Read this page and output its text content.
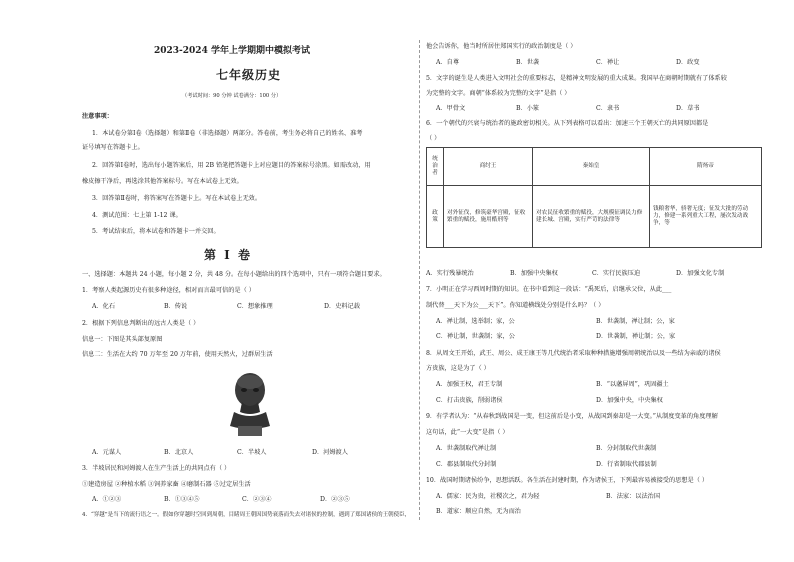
2023-2024 学年上学期期中模拟考试
七年级历史
（考试时间：90 分钟 试卷满分：100 分）
注意事项：
1．本试卷分第Ⅰ卷（选择题）和第Ⅱ卷（非选择题）两部分。答卷前，考生务必将自己的姓名、准考
证号填写在答题卡上。
2．回答第Ⅰ卷时，选出每小题答案后，用 2B 铅笔把答题卡上对应题目的答案标号涂黑。如需改动，用
橡皮擦干净后，再选涂其他答案标号。写在本试卷上无效。
3．回答第Ⅱ卷时，将答案写在答题卡上。写在本试卷上无效。
4．测试范围：七上第 1-12 课。
5．考试结束后，将本试卷和答题卡一并交回。
第 Ⅰ 卷
一、选择题：本题共 24 小题，每小题 2 分，共 48 分。在每小题给出的四个选项中，只有一项符合题目要求。
1．考察人类起源历史有很多种途径，相对而言最可信的是（ ）
A．化石	B．传说	C．想象推理	D．史料记载
2．根据下列信息判断出的远古人类是（ ）
信息一：下图是其头部复原图
信息二：生活在大约 70 万年至 20 万年前，使用天然火，过群居生活
A．元谋人	B．北京人	C．半坡人	D．河姆渡人
3．半坡居民和河姆渡人在生产生活上的共同点有（ ）
①建造房屋 ②种植水稻 ③饲养家畜 ④磨制石器 ⑤过定居生活
A．①②③	B．①③④⑤	C．②③④	D．②③⑤
4．“穿越”是当下的流行语之一。假如你穿越时空回到周朝，目睹周王朝因国势衰落而失去对诸侯的控制，遇到了郑国诸侯的王朝使臣，
他会告诉你，他当时所居住郑国实行的政治制度是（ ）
A．自尊	B．世袭	C．禅让	D．政变
5．文字的诞生是人类进入文明社会的重要标志，是精神文明发展的重大成果。我国早在商朝时期就有了体系较
为完整的文字。商朝“体系较为完整的文字”是指（ ）
A．甲骨文	B．小篆	C．隶书	D．草书
6．一个朝代的兴衰与统治者的施政密切相关。从下列表格可以看出：加速三个王朝灭亡的共同原因都是
（ ）
统治者	商纣王	秦始皇	隋炀帝
政策	对外征伐，修筑豪华宫殿，征收繁重的赋役，施用酷刑等	对农民征收繁重的赋役，大规模征调民力修建长城、宫殿，实行严苛的法律等	钱粮奢华，骄奢无度；征发大批的劳动力，修建一系列重大工程，屡次发动战争，等
A．实行残暴统治	B．加强中央集权	C．实行民族压迫	D．加强文化专制
7．小明正在学习西周时期的知识。在书中看到这一段话：“禹死后，启继承父位，从此___
制代替___天下为公___天下”。你知道横线处分别是什么吗？（ ）
A．禅让制，选举制；家，公	B．世袭制，禅让制；公，家
C．禅让制，世袭制；家，公	D．世袭制，禅让制；公，家
8．从周文王开始，武王、周公、成王康王等几代统治者采取种种措施增强周朝统治以及一些结为亲戚的诸侯
方贵族，这是为了（ ）
A．加强王权，君王专制	B．“以藩屏周”，巩固疆土
C．打击贵族，削弱诸侯	D．加强中央，中央集权
9．有学者认为：“从春秋到战国是一变，但这前后是小变，从战国到秦却是一大变。”从制度变革的角度理解
这句话，此“一大变”是指（ ）
A．世袭制取代禅让制	B．分封制取代世袭制
C．郡县制取代分封制	D．行省制取代郡县制
10．战国时期诸侯纷争，思想活跃。各生活在封建时期，作为诸侯王，下列最容易被接受的思想是（ ）
A．儒家：民为贵，社稷次之，君为轻	B．法家：以法治国
B．道家：顺应自然，无为而治
